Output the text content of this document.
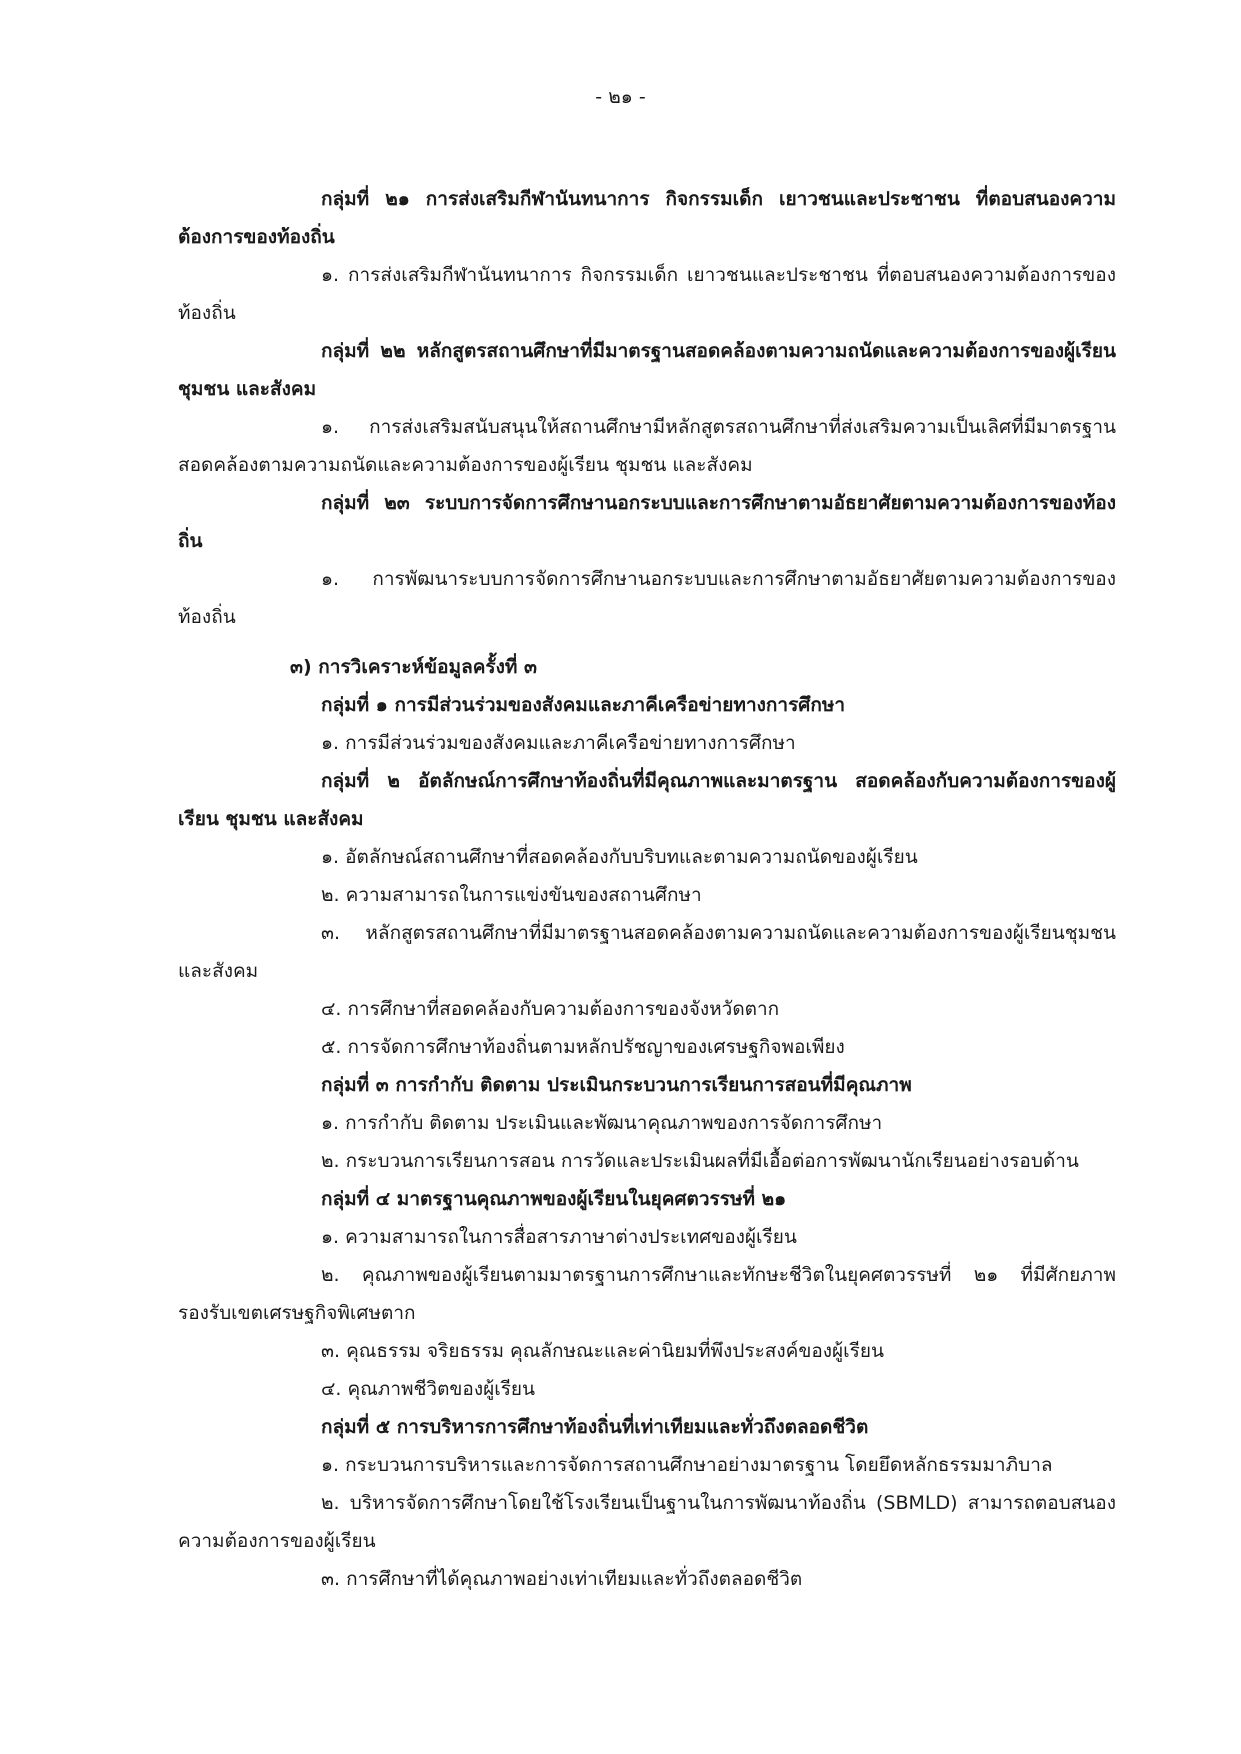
- ๒๑ -

กลุ่มที่ ๒๑ การส่งเสริมกีฬานันทนาการ กิจกรรมเด็ก เยาวชนและประชาชน ที่ตอบสนองความต้องการของท้องถิ่น

๑. การส่งเสริมกีฬานันทนาการ กิจกรรมเด็ก เยาวชนและประชาชน ที่ตอบสนองความต้องการของท้องถิ่น

กลุ่มที่ ๒๒ หลักสูตรสถานศึกษาที่มีมาตรฐานสอดคล้องตามความถนัดและความต้องการของผู้เรียน ชุมชน และสังคม

๑. การส่งเสริมสนับสนุนให้สถานศึกษามีหลักสูตรสถานศึกษาที่ส่งเสริมความเป็นเลิศที่มีมาตรฐานสอดคล้องตามความถนัดและความต้องการของผู้เรียน ชุมชน และสังคม

กลุ่มที่ ๒๓ ระบบการจัดการศึกษานอกระบบและการศึกษาตามอัธยาศัยตามความต้องการของท้องถิ่น

๑. การพัฒนาระบบการจัดการศึกษานอกระบบและการศึกษาตามอัธยาศัยตามความต้องการของท้องถิ่น

๓) การวิเคราะห์ข้อมูลครั้งที่ ๓

กลุ่มที่ ๑ การมีส่วนร่วมของสังคมและภาคีเครือข่ายทางการศึกษา

๑. การมีส่วนร่วมของสังคมและภาคีเครือข่ายทางการศึกษา

กลุ่มที่ ๒ อัตลักษณ์การศึกษาท้องถิ่นที่มีคุณภาพและมาตรฐาน สอดคล้องกับความต้องการของผู้เรียน ชุมชน และสังคม

๑. อัตลักษณ์สถานศึกษาที่สอดคล้องกับบริบทและตามความถนัดของผู้เรียน

๒. ความสามารถในการแข่งขันของสถานศึกษา

๓. หลักสูตรสถานศึกษาที่มีมาตรฐานสอดคล้องตามความถนัดและความต้องการของผู้เรียนชุมชน และสังคม

๔. การศึกษาที่สอดคล้องกับความต้องการของจังหวัดตาก

๕. การจัดการศึกษาท้องถิ่นตามหลักปรัชญาของเศรษฐกิจพอเพียง

กลุ่มที่ ๓ การกำกับ ติดตาม ประเมินกระบวนการเรียนการสอนที่มีคุณภาพ

๑. การกำกับ ติดตาม ประเมินและพัฒนาคุณภาพของการจัดการศึกษา

๒. กระบวนการเรียนการสอน การวัดและประเมินผลที่มีเอื้อต่อการพัฒนานักเรียนอย่างรอบด้าน

กลุ่มที่ ๔ มาตรฐานคุณภาพของผู้เรียนในยุคศตวรรษที่ ๒๑

๑. ความสามารถในการสื่อสารภาษาต่างประเทศของผู้เรียน

๒. คุณภาพของผู้เรียนตามมาตรฐานการศึกษาและทักษะชีวิตในยุคศตวรรษที่ ๒๑ ที่มีศักยภาพรองรับเขตเศรษฐกิจพิเศษตาก

๓. คุณธรรม จริยธรรม คุณลักษณะและค่านิยมที่พึงประสงค์ของผู้เรียน

๔. คุณภาพชีวิตของผู้เรียน

กลุ่มที่ ๕ การบริหารการศึกษาท้องถิ่นที่เท่าเทียมและทั่วถึงตลอดชีวิต

๑. กระบวนการบริหารและการจัดการสถานศึกษาอย่างมาตรฐาน โดยยึดหลักธรรมมาภิบาล

๒. บริหารจัดการศึกษาโดยใช้โรงเรียนเป็นฐานในการพัฒนาท้องถิ่น (SBMLD) สามารถตอบสนองความต้องการของผู้เรียน

๓. การศึกษาที่ได้คุณภาพอย่างเท่าเทียมและทั่วถึงตลอดชีวิต
